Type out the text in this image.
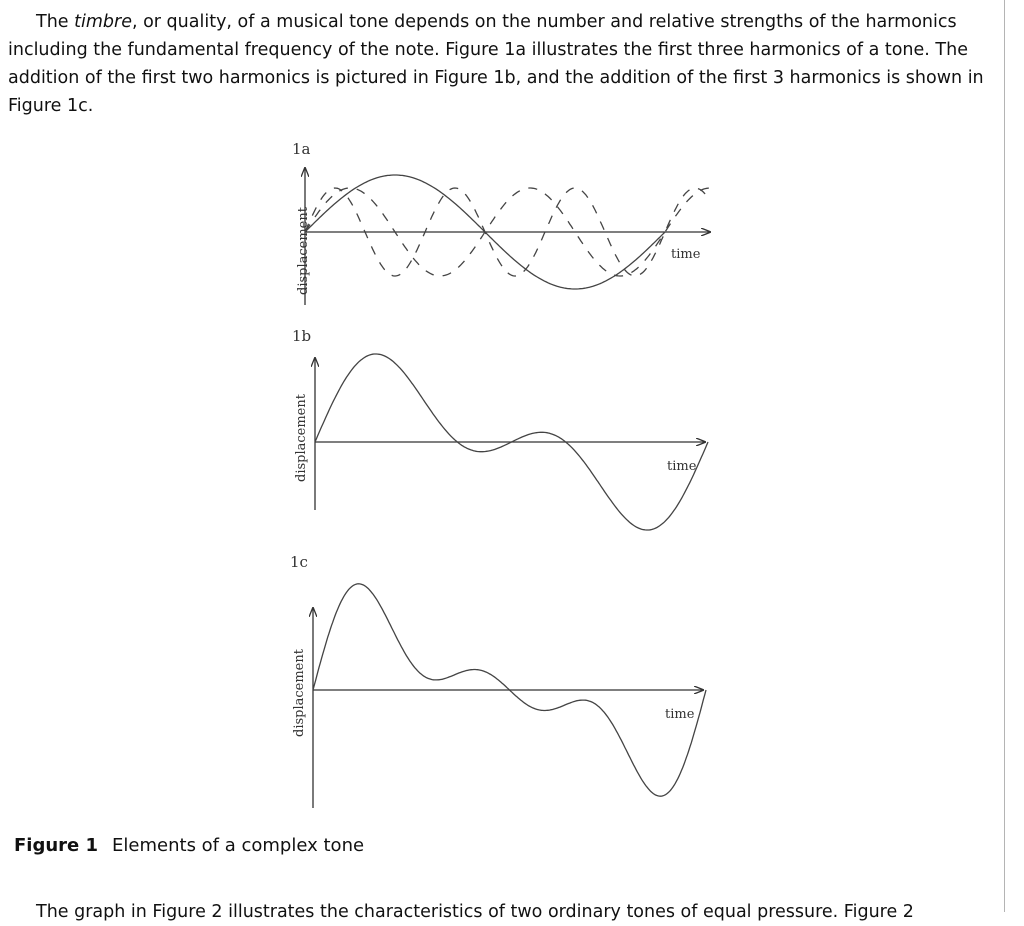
The timbre, or quality, of a musical tone depends on the number and relative strengths of the harmonics including the fundamental frequency of the note. Figure 1a illustrates the first three harmonics of a tone. The addition of the first two harmonics is pictured in Figure 1b, and the addition of the first 3 harmonics is shown in Figure 1c.

1a
displacement	time
1b
displacement	time
1c
displacement	time
Figure 1 Elements of a complex tone
The graph in Figure 2 illustrates the characteristics of two ordinary tones of equal pressure. Figure 2
